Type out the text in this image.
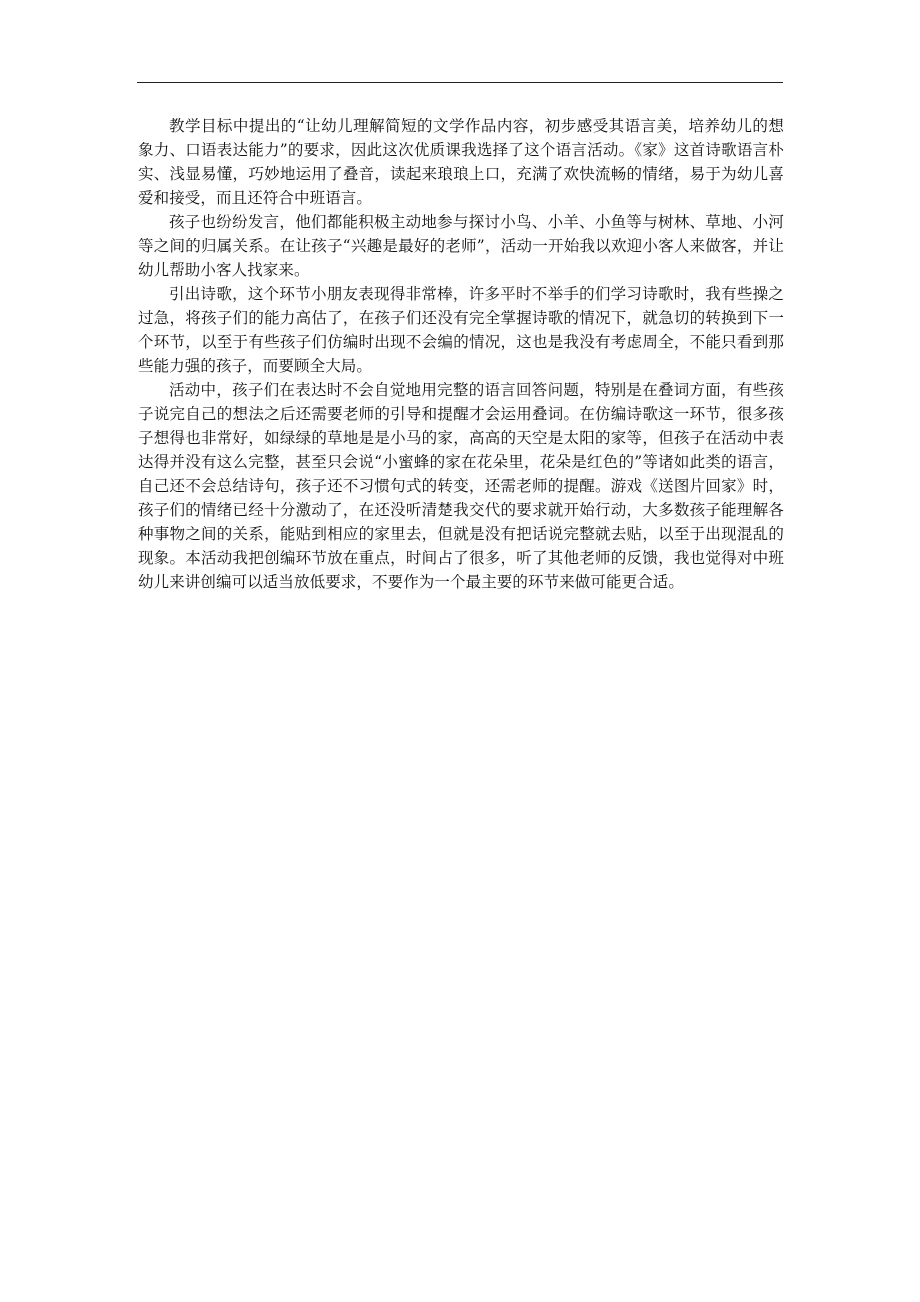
教学目标中提出的“让幼儿理解简短的文学作品内容，初步感受其语言美，培养幼儿的想象力、口语表达能力”的要求，因此这次优质课我选择了这个语言活动。《家》这首诗歌语言朴实、浅显易懂，巧妙地运用了叠音，读起来琅琅上口，充满了欢快流畅的情绪，易于为幼儿喜爱和接受，而且还符合中班语言。

孩子也纷纷发言，他们都能积极主动地参与探讨小鸟、小羊、小鱼等与树林、草地、小河等之间的归属关系。在让孩子“兴趣是最好的老师”，活动一开始我以欢迎小客人来做客，并让幼儿帮助小客人找家来。

引出诗歌，这个环节小朋友表现得非常棒，许多平时不举手的们学习诗歌时，我有些操之过急，将孩子们的能力高估了，在孩子们还没有完全掌握诗歌的情况下，就急切的转换到下一个环节，以至于有些孩子们仿编时出现不会编的情况，这也是我没有考虑周全，不能只看到那些能力强的孩子，而要顾全大局。

活动中，孩子们在表达时不会自觉地用完整的语言回答问题，特别是在叠词方面，有些孩子说完自己的想法之后还需要老师的引导和提醒才会运用叠词。在仿编诗歌这一环节，很多孩子想得也非常好，如绿绿的草地是是小马的家，高高的天空是太阳的家等，但孩子在活动中表达得并没有这么完整，甚至只会说“小蜜蜂的家在花朵里，花朵是红色的”等诸如此类的语言，自己还不会总结诗句，孩子还不习惯句式的转变，还需老师的提醒。游戏《送图片回家》时，孩子们的情绪已经十分激动了，在还没听清楚我交代的要求就开始行动，大多数孩子能理解各种事物之间的关系，能贴到相应的家里去，但就是没有把话说完整就去贴，以至于出现混乱的现象。本活动我把创编环节放在重点，时间占了很多，听了其他老师的反馈，我也觉得对中班幼儿来讲创编可以适当放低要求，不要作为一个最主要的环节来做可能更合适。
